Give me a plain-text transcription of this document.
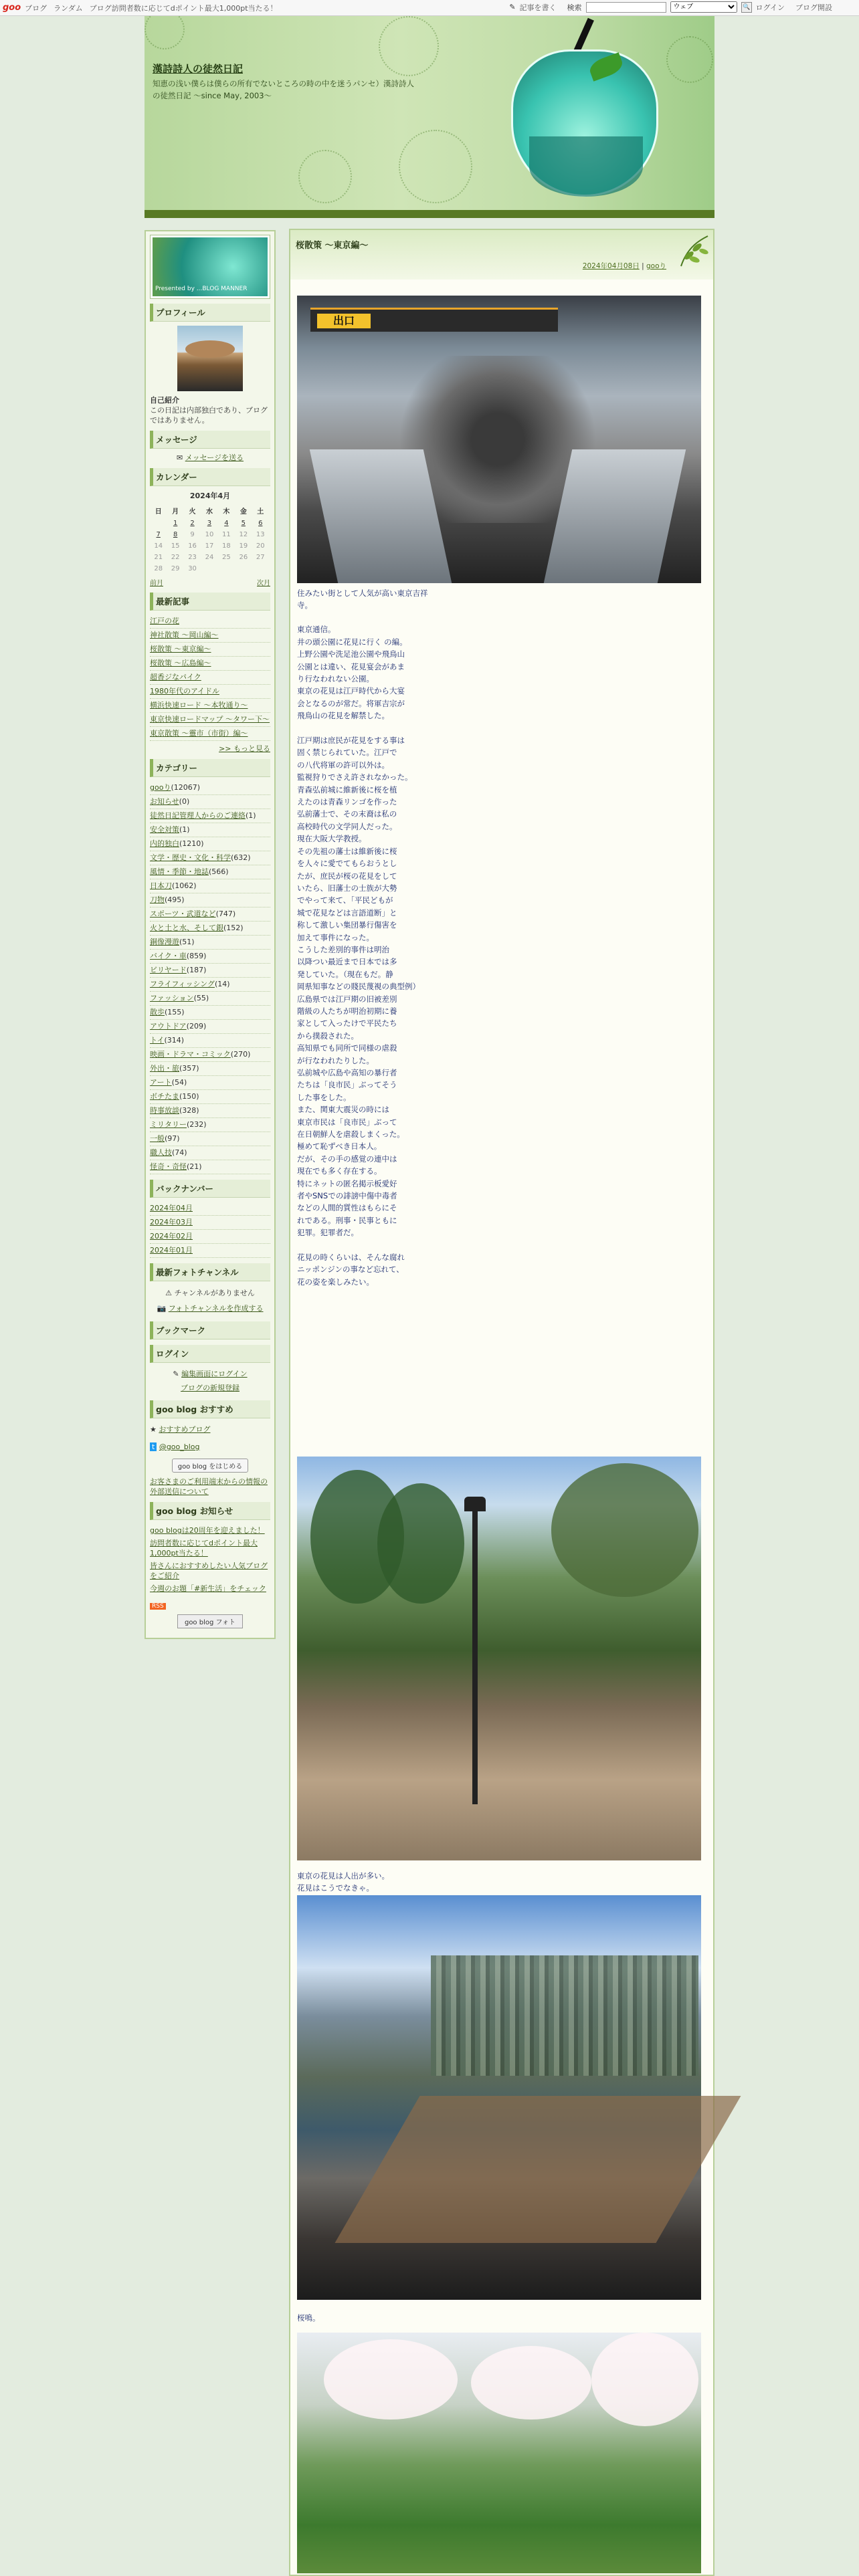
goo ブログ ランダム ブログ訪問者数に応じてdポイント最大1,000pt当たる！	✎ 記事を書く 検索
ウェブ	🔍 ログイン ブログ開設
漢詩詩人の徒然日記
知恵の浅い僕らは僕らの所有でないところの時の中を迷うパンセ）漢詩詩人の徒然日記 〜since May, 2003〜
Presented by ...BLOG MANNER
プロフィール
自己紹介
この日記は内部独白であり、ブログではありません。
メッセージ
✉ メッセージを送る
カレンダー
2024年4月
日	月	火	水	木	金	土
	1	2	3	4	5	6
7	8	9	10	11	12	13
14	15	16	17	18	19	20
21	22	23	24	25	26	27
28	29	30				
前月	次月
最新記事
江戸の花
神社散策 〜岡山編〜
桜散策 〜東京編〜
桜散策 〜広島編〜
超香ジなパイク
1980年代のアイドル
横浜快速ロード 〜本牧通り〜
東京快速ロードマップ 〜タワー下〜
東京散策 〜靈市（市街）編〜
>> もっと見る
カテゴリー
gooり(12067)
お知らせ(0)
徒然日記管理人からのご連絡(1)
安全対策(1)
内的独白(1210)
文学・歴史・文化・科学(632)
風情・季節・地誌(566)
日本刀(1062)
刀物(495)
スポーツ・武道など(747)
火と土と水、そして銀(152)
銅像漫遊(51)
バイク・車(859)
ビリヤード(187)
フライフィッシング(14)
ファッション(55)
散歩(155)
アウトドア(209)
トイ(314)
映画・ドラマ・コミック(270)
外出・旅(357)
アート(54)
ボチたま(150)
時事放談(328)
ミリタリー(232)
一般(97)
職人技(74)
怪奇・奇怪(21)
バックナンバー
2024年04月
2024年03月
2024年02月
2024年01月
最新フォトチャンネル
⚠ チャンネルがありません
📷 フォトチャンネルを作成する
ブックマーク
ログイン
✎ 編集画面にログイン
ブログの新規登録
goo blog おすすめ
★ おすすめブログ
t @goo_blog
goo blog をはじめる
お客さまのご利用端末からの情報の外部送信について
goo blog お知らせ
goo blogは20周年を迎えました！
訪問者数に応じてdポイント最大1,000pt当たる！
皆さんにおすすめしたい人気ブログをご紹介
今週のお題「#新生活」をチェック
RSS
goo blog フォト
桜散策 〜東京編〜
2024年04月08日 | gooり
出口
住みたい街として人気が高い東京吉祥寺。

東京通信。

井の頭公園に花見に行く の編。

上野公園や洗足池公園や飛鳥山

公園とは違い、花見宴会があま

り行なわれない公園。

東京の花見は江戸時代から大宴

会となるのが常だ。将軍吉宗が

飛鳥山の花見を解禁した。

江戸期は庶民が花見をする事は

固く禁じられていた。江戸で

の八代将軍の許可以外は。

監視狩りでさえ許されなかった。

青森弘前城に維新後に桜を植

えたのは青森リンゴを作った

弘前藩士で、その末裔は私の

高校時代の文学同人だった。

現在大阪大学教授。

その先祖の藩士は維新後に桜

を人々に愛でてもらおうとし

たが、庶民が桜の花見をして

いたら、旧藩士の士族が大勢

でやって来て、「平民どもが

城で花見などは言語道断」と

称して激しい集団暴行傷害を

加えて事件になった。

こうした差別的事件は明治

以降つい最近まで日本では多

発していた。（現在もだ。静

岡県知事などの賤民蔑視の典型例）

広島県では江戸期の旧被差別

階級の人たちが明治初期に養

家として入ったけで平民たち

から撲殺された。

高知県でも同所で同様の虐殺

が行なわれたりした。

弘前城や広島や高知の暴行者

たちは「良市民」ぶってそう

した事をした。

また、関東大震災の時には

東京市民は「良市民」ぶって

在日朝鮮人を虐殺しまくった。

極めて恥ずべき日本人。

だが、その手の感覚の連中は

現在でも多く存在する。

特にネットの匿名掲示板愛好

者やSNSでの誹謗中傷中毒者

などの人間的質性はもらにそ

れである。刑事・民事ともに

犯罪。犯罪者だ。

花見の時くらいは、そんな腐れ

ニッポンジンの事など忘れて、

花の姿を楽しみたい。

東京の花見は人出が多い。

花見はこうでなきゃ。

桜鳴。
